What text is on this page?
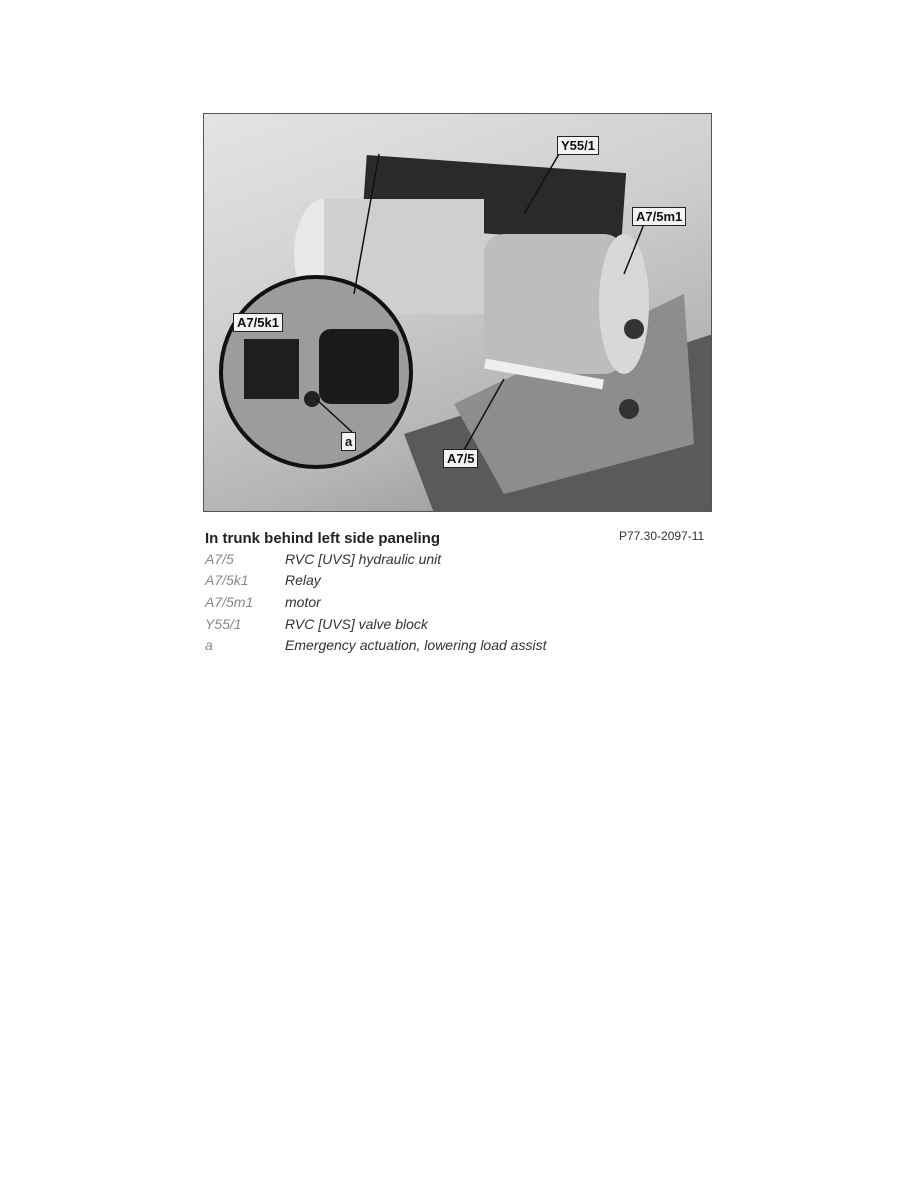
Y55/1
A7/5m1
A7/5k1
a
A7/5
In trunk behind left side paneling	P77.30-2097-11
A7/5	RVC [UVS] hydraulic unit
A7/5k1	Relay
A7/5m1 motor
Y55/1	RVC [UVS] valve block
a	Emergency actuation, lowering load assist
